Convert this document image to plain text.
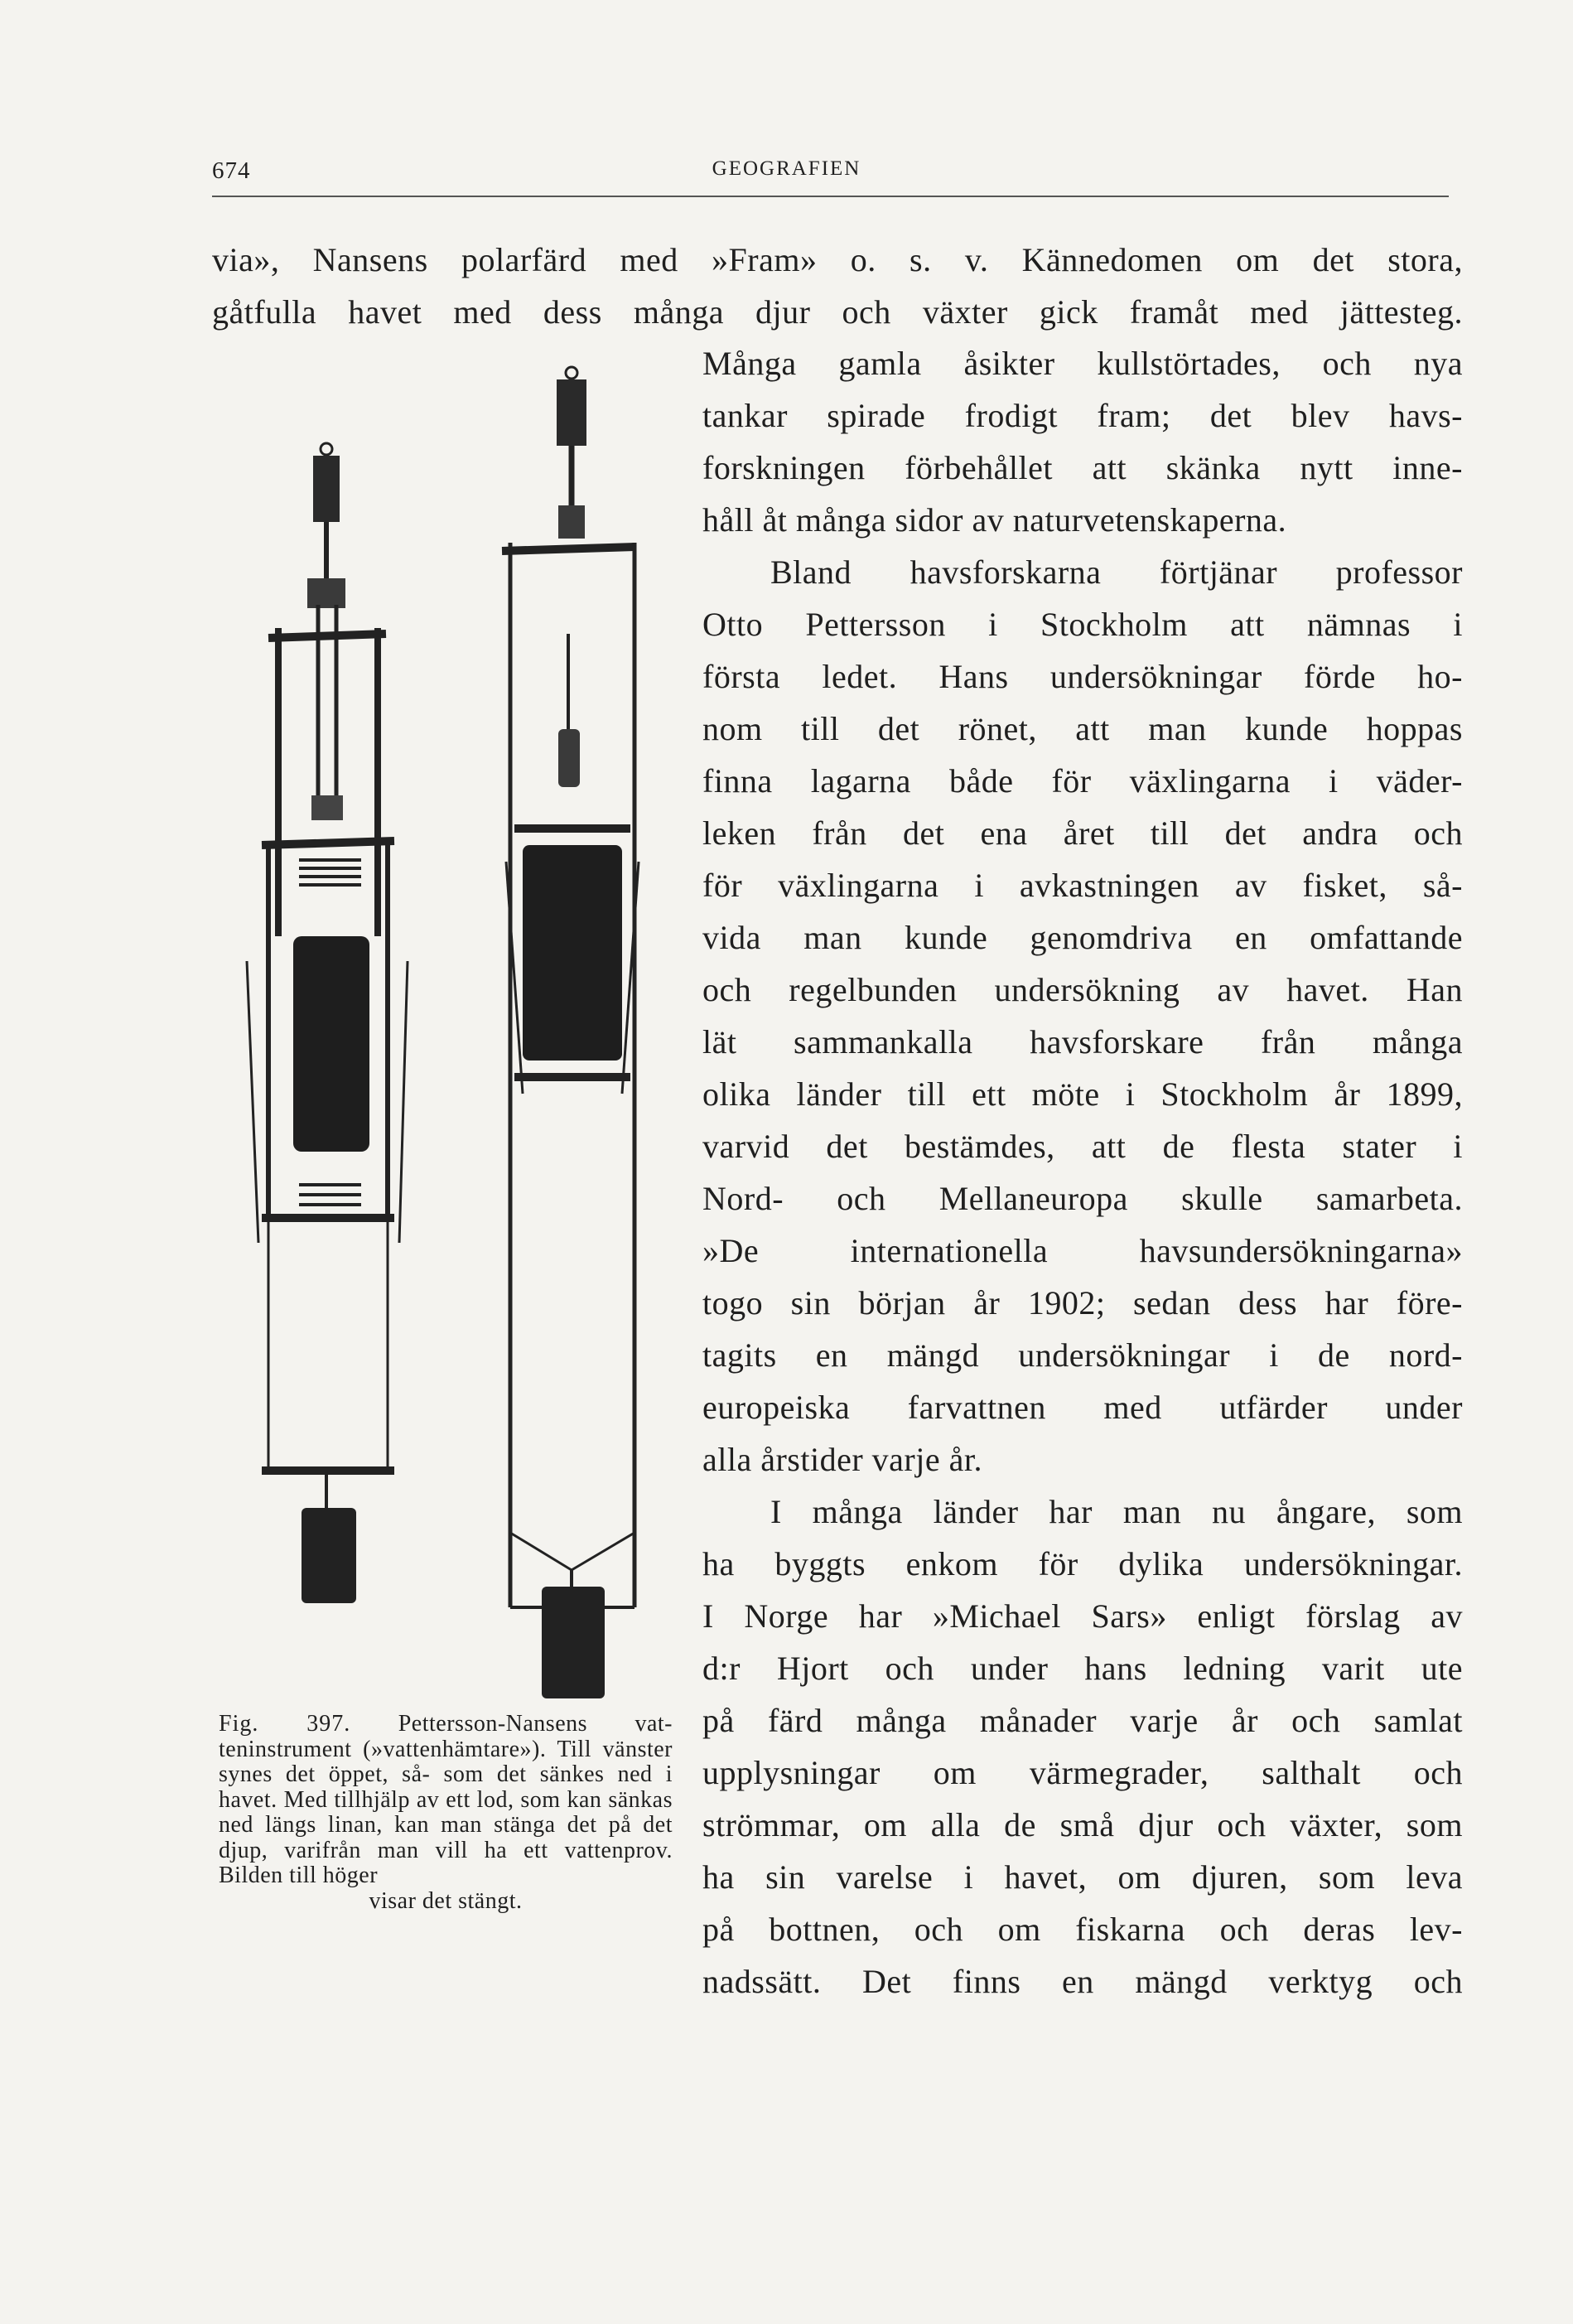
674	GEOGRAFIEN
via», Nansens polarfärd med »Fram» o. s. v. Kännedomen om det stora,
gåtfulla havet med dess många djur och växter gick framåt med jättesteg.
Många gamla åsikter kullstörtades, och nya
tankar spirade frodigt fram; det blev havs-
forskningen förbehållet att skänka nytt inne-
håll åt många sidor av naturvetenskaperna.
Bland havsforskarna förtjänar professor
Otto Pettersson i Stockholm att nämnas i
första ledet. Hans undersökningar förde ho-
nom till det rönet, att man kunde hoppas
finna lagarna både för växlingarna i väder-
leken från det ena året till det andra och
för växlingarna i avkastningen av fisket, så-
vida man kunde genomdriva en omfattande
och regelbunden undersökning av havet. Han
lät sammankalla havsforskare från många
olika länder till ett möte i Stockholm år 1899,
varvid det bestämdes, att de flesta stater i
Nord- och Mellaneuropa skulle samarbeta.
»De internationella havsundersökningarna»
togo sin början år 1902; sedan dess har före-
tagits en mängd undersökningar i de nord-
europeiska farvattnen med utfärder under
alla årstider varje år.
I många länder har man nu ångare, som
ha byggts enkom för dylika undersökningar.
I Norge har »Michael Sars» enligt förslag av
d:r Hjort och under hans ledning varit ute
på färd många månader varje år och samlat
upplysningar om värmegrader, salthalt och
strömmar, om alla de små djur och växter, som
ha sin varelse i havet, om djuren, som leva
på bottnen, och om fiskarna och deras lev-
nadssätt. Det finns en mängd verktyg och
Fig. 397. Pettersson-Nansens vat- teninstrument (»vattenhämtare»). Till vänster synes det öppet, så- som det sänkes ned i havet. Med tillhjälp av ett lod, som kan sänkas ned längs linan, kan man stänga det på det djup, varifrån man vill ha ett vattenprov. Bilden till höger
visar det stängt.
